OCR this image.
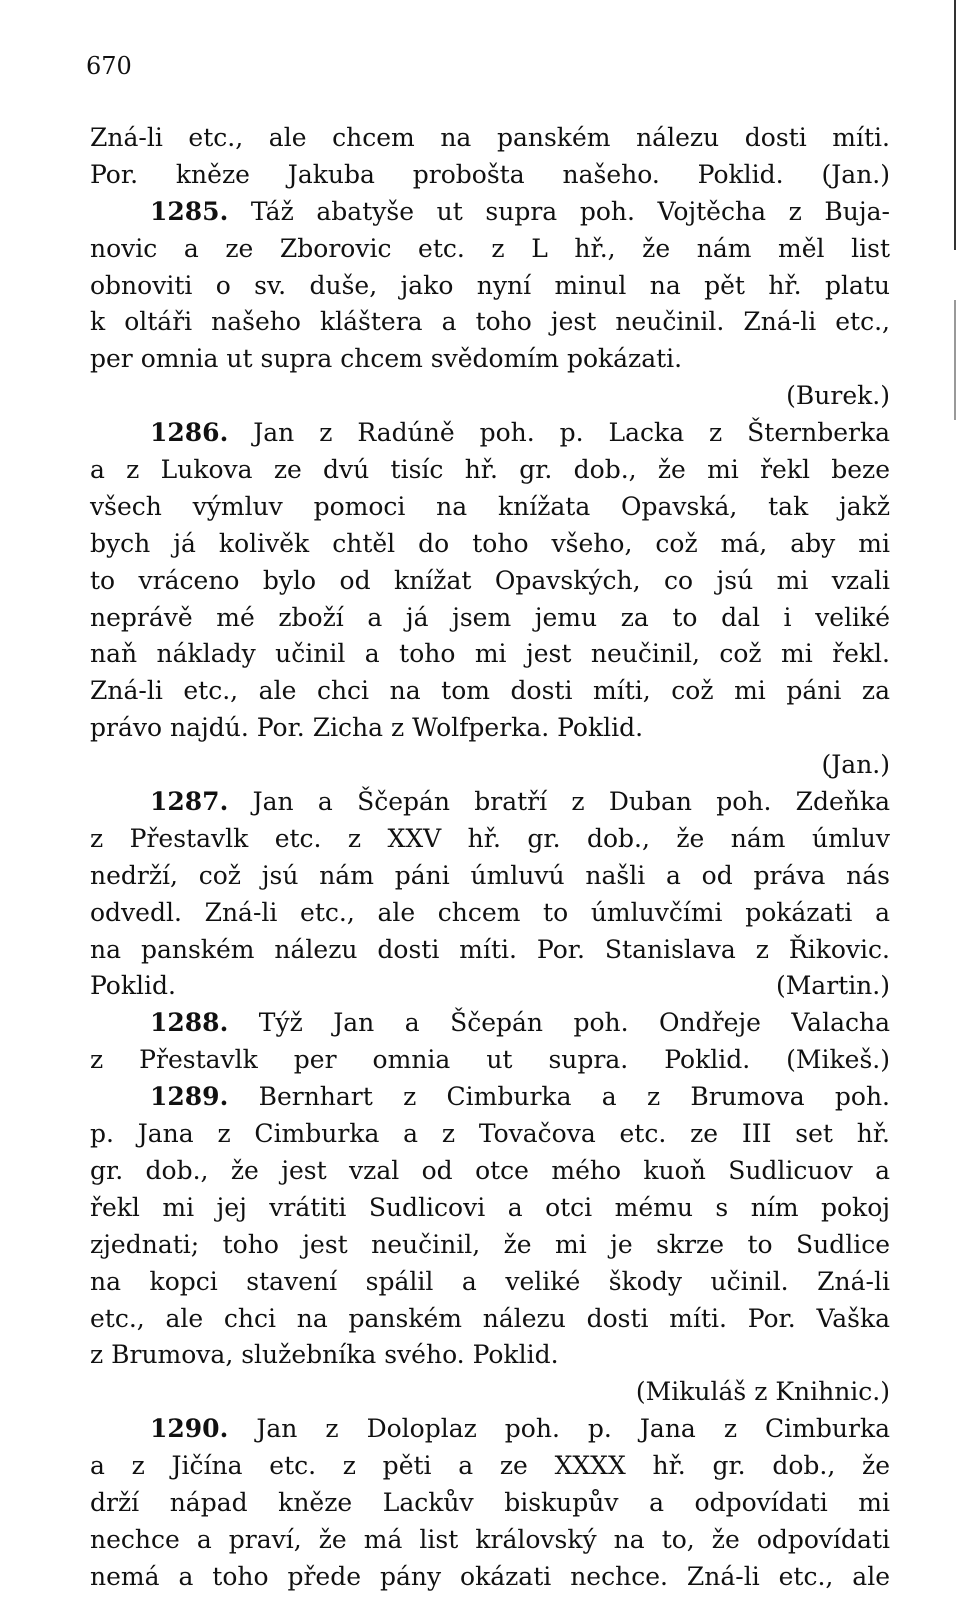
670
Zná-li etc., ale chcem na panském nálezu dosti míti.
Por. kněze Jakuba probošta našeho. Poklid. (Jan.)
1285. Táž abatyše ut supra poh. Vojtěcha z Buja-
novic a ze Zborovic etc. z L hř., že nám měl list
obnoviti o sv. duše, jako nyní minul na pět hř. platu
k oltáři našeho kláštera a toho jest neučinil. Zná-li etc.,
per omnia ut supra chcem svědomím pokázati.
(Burek.)
1286. Jan z Radúně poh. p. Lacka z Šternberka
a z Lukova ze dvú tisíc hř. gr. dob., že mi řekl beze
všech výmluv pomoci na knížata Opavská, tak jakž
bych já kolivěk chtěl do toho všeho, což má, aby mi
to vráceno bylo od knížat Opavských, co jsú mi vzali
neprávě mé zboží a já jsem jemu za to dal i veliké
naň náklady učinil a toho mi jest neučinil, což mi řekl.
Zná-li etc., ale chci na tom dosti míti, což mi páni za
právo najdú. Por. Zicha z Wolfperka. Poklid.
(Jan.)
1287. Jan a Ščepán bratří z Duban poh. Zdeňka
z Přestavlk etc. z XXV hř. gr. dob., že nám úmluv
nedrží, což jsú nám páni úmluvú našli a od práva nás
odvedl. Zná-li etc., ale chcem to úmluvčími pokázati a
na panském nálezu dosti míti. Por. Stanislava z Řikovic.
Poklid.	(Martin.)
1288. Týž Jan a Ščepán poh. Ondřeje Valacha
z Přestavlk per omnia ut supra. Poklid. (Mikeš.)
1289. Bernhart z Cimburka a z Brumova poh.
p. Jana z Cimburka a z Tovačova etc. ze III set hř.
gr. dob., že jest vzal od otce mého kuoň Sudlicuov a
řekl mi jej vrátiti Sudlicovi a otci mému s ním pokoj
zjednati; toho jest neučinil, že mi je skrze to Sudlice
na kopci stavení spálil a veliké škody učinil. Zná-li
etc., ale chci na panském nálezu dosti míti. Por. Vaška
z Brumova, služebníka svého. Poklid.
(Mikuláš z Knihnic.)
1290. Jan z Doloplaz poh. p. Jana z Cimburka
a z Jičína etc. z pěti a ze XXXX hř. gr. dob., že
drží nápad kněze Lackův biskupův a odpovídati mi
nechce a praví, že má list královský na to, že odpovídati
nemá a toho přede pány okázati nechce. Zná-li etc., ale
